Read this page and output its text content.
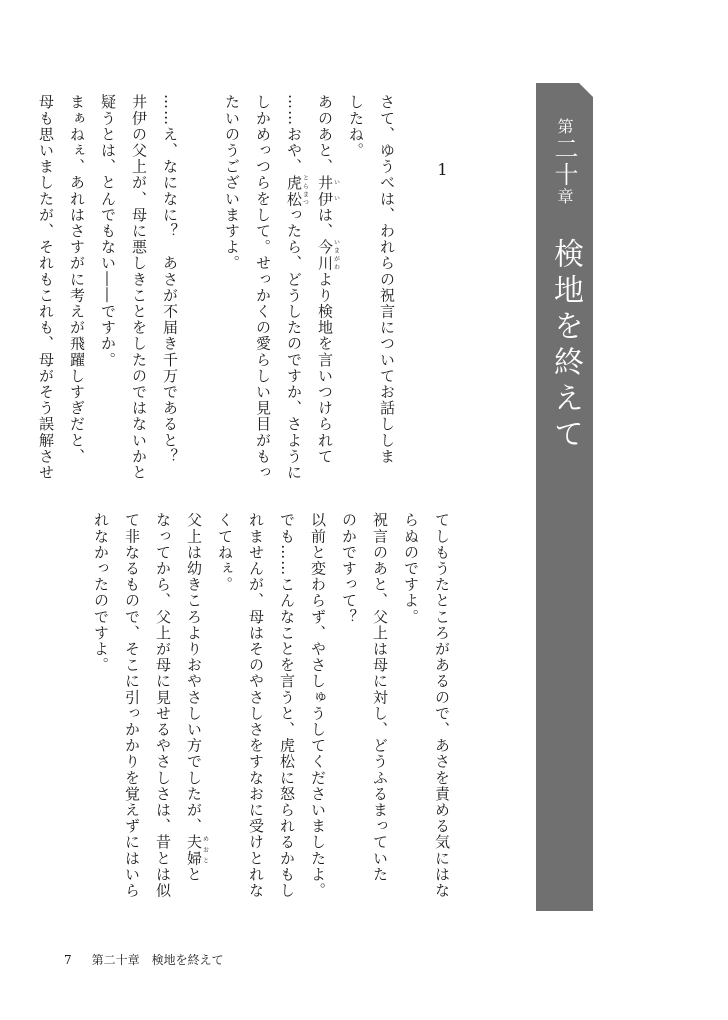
第二十章
検地を終えて
1

さて、ゆうべは、われらの祝言についてお話ししま
したね。
あのあと、井伊いいは、今川いまがわより検地を言いつけられて
……おや、虎松とらまつったら、どうしたのですか、さように
しかめっつらをして。せっかくの愛らしい見目がもっ
たいのうございますよ。

……え、なになに？　あさが不届き千万であると？
井伊の父上が、母に悪しきことをしたのではないかと
疑うとは、とんでもない――ですか。
まぁねぇ、あれはさすがに考えが飛躍しすぎだと、
母も思いましたが、それもこれも、母がそう誤解させ

てしもうたところがあるので、あさを責める気にはな
らぬのですよ。
祝言のあと、父上は母に対し、どうふるまっていた
のかですって？
以前と変わらず、やさしゅうしてくださいましたよ。
でも……こんなことを言うと、虎松に怒られるかもし
れませんが、母はそのやさしさをすなおに受けとれな
くてねぇ。
父上は幼きころよりおやさしい方でしたが、夫婦めおとと
なってから、父上が母に見せるやさしさは、昔とは似
て非なるもので、そこに引っかかりを覚えずにはいら
れなかったのですよ。

7 第二十章　検地を終えて
